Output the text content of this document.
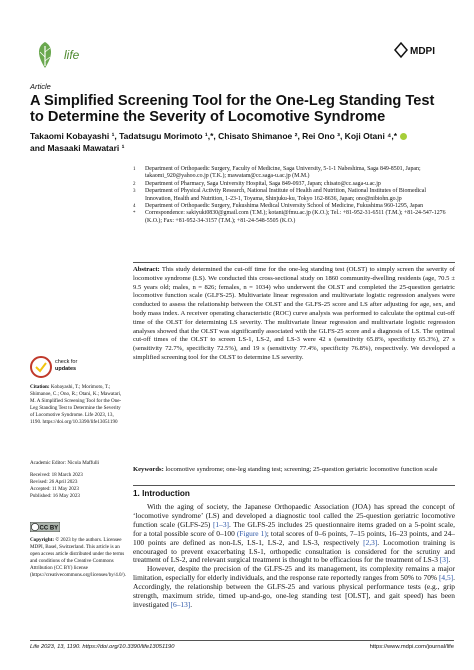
life	MDPI
Article
A Simplified Screening Tool for the One-Leg Standing Test to Determine the Severity of Locomotive Syndrome
Takaomi Kobayashi ¹, Tadatsugu Morimoto ¹,*, Chisato Shimanoe ², Rei Ono ³, Koji Otani ⁴,*
and Masaaki Mawatari ¹

1 Department of Orthopaedic Surgery, Faculty of Medicine, Saga University, 5-1-1 Nabeshima, Saga 849-8501, Japan; takaomi_920@yahoo.co.jp (T.K.); mawatam@cc.saga-u.ac.jp (M.M.)

2 Department of Pharmacy, Saga University Hospital, Saga 849-0937, Japan; chisato@cc.saga-u.ac.jp

3 Department of Physical Activity Research, National Institute of Health and Nutrition, National Institutes of Biomedical Innovation, Health and Nutrition, 1-23-1, Toyama, Shinjuku-ku, Tokyo 162-8636, Japan; ono@nibiohn.go.jp

4 Department of Orthopaedic Surgery, Fukushima Medical University School of Medicine, Fukushima 960-1295, Japan

* Correspondence: sakiyuki0830@gmail.com (T.M.); kotani@fmu.ac.jp (K.O.); Tel.: +81-952-31-6511 (T.M.); +81-24-547-1276 (K.O.); Fax: +81-952-34-3157 (T.M.); +81-24-548-5505 (K.O.)

Abstract: This study determined the cut-off time for the one-leg standing test (OLST) to simply screen the severity of locomotive syndrome (LS). We conducted this cross-sectional study on 1860 community-dwelling residents (age, 70.5 ± 9.5 years old; males, n = 826; females, n = 1034) who underwent the OLST and completed the 25-question geriatric locomotive function scale (GLFS-25). Multivariate linear regression and multivariate logistic regression analyses were conducted to assess the relationship between the OLST and the GLFS-25 score and LS after adjusting for age, sex, and body mass index. A receiver operating characteristic (ROC) curve analysis was performed to calculate the optimal cut-off time of the OLST for determining LS severity. The multivariate linear regression and multivariate logistic regression analyses showed that the OLST was significantly associated with the GLFS-25 score and a diagnosis of LS. The optimal cut-off times of the OLST to screen LS-1, LS-2, and LS-3 were 42 s (sensitivity 65.8%, specificity 65.3%), 27 s (sensitivity 72.7%, specificity 72.5%), and 19 s (sensitivity 77.4%, specificity 76.8%), respectively. We developed a simplified screening tool for the OLST to determine LS severity.
Keywords: locomotive syndrome; one-leg standing test; screening; 25-question geriatric locomotive function scale
check for
updates
Citation: Kobayashi, T.; Morimoto, T.; Shimanoe, C.; Ono, R.; Otani, K.; Mawatari, M. A Simplified Screening Tool for the One-Leg Standing Test to Determine the Severity of Locomotive Syndrome. Life 2023, 13, 1190. https://doi.org/10.3390/life13051190

Academic Editor: Nicola Maffulli

Received: 18 March 2023

Revised: 26 April 2023

Accepted: 11 May 2023

Published: 16 May 2023

CC BY
Copyright: © 2023 by the authors. Licensee MDPI, Basel, Switzerland. This article is an open access article distributed under the terms and conditions of the Creative Commons Attribution (CC BY) license (https://creativecommons.org/licenses/by/4.0/).
1. Introduction

With the aging of society, the Japanese Orthopaedic Association (JOA) has spread the concept of ‘locomotive syndrome’ (LS) and developed a diagnostic tool called the 25-question geriatric locomotive function scale (GLFS-25) [1–3]. The GLFS-25 includes 25 questionnaire items graded on a 5-point scale, for a total possible score of 0–100 (Figure 1); total scores of 0–6 points, 7–15 points, 16–23 points, and 24–100 points are defined as non-LS, LS-1, LS-2, and LS-3, respectively [2,3]. Locomotion training is encouraged to prevent exacerbating LS-1, orthopedic consultation is considered for the scrutiny and treatment of LS-2, and relevant surgical treatment is thought to be efficacious for the treatment of LS-3 [3].

However, despite the precision of the GLFS-25 and its management, its complexity remains a major limitation, especially for elderly individuals, and the response rate reportedly ranges from 50% to 70% [4,5]. Accordingly, the relationship between the GLFS-25 and various physical performance tests (e.g., grip strength, maximum stride, timed up-and-go, one-leg standing test [OLST], and gait speed) has been investigated [6–13].

Life 2023, 13, 1190. https://doi.org/10.3390/life13051190	https://www.mdpi.com/journal/life
